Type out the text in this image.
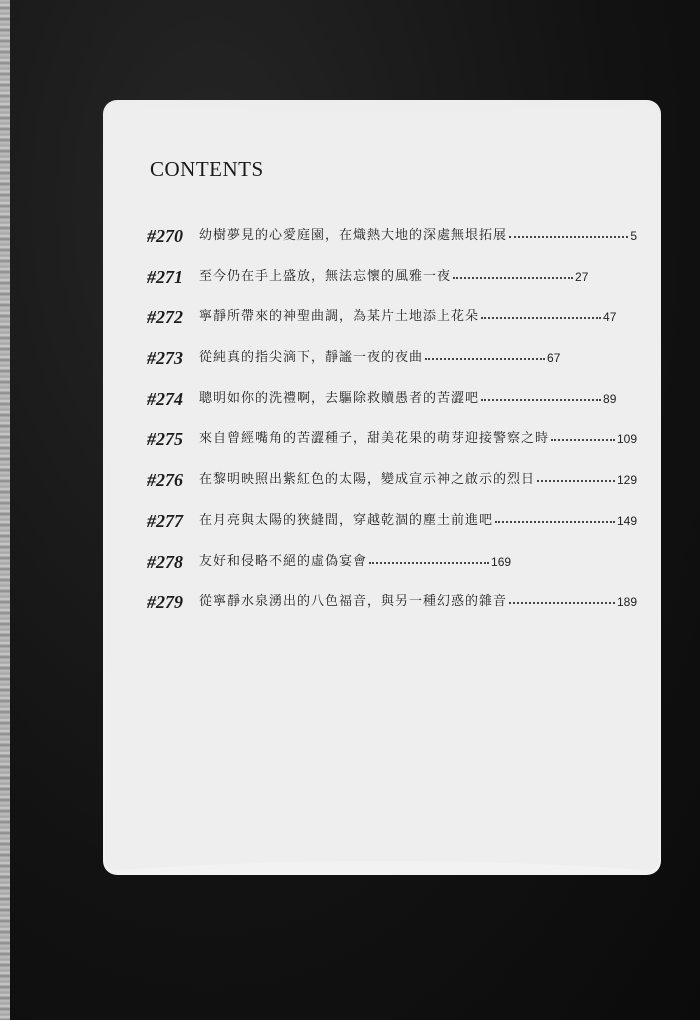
CONTENTS
#270	幼樹夢見的心愛庭園，在熾熱大地的深處無垠拓展	5
#271	至今仍在手上盛放，無法忘懷的風雅一夜	27
#272	寧靜所帶來的神聖曲調，為某片土地添上花朵	47
#273	從純真的指尖滴下，靜謐一夜的夜曲	67
#274	聰明如你的洗禮啊，去驅除救贖愚者的苦澀吧	89
#275	來自曾經嘴角的苦澀種子，甜美花果的萌芽迎接警察之時	109
#276	在黎明映照出紫紅色的太陽，變成宣示神之啟示的烈日	129
#277	在月亮與太陽的狹縫間，穿越乾涸的塵土前進吧	149
#278	友好和侵略不絕的虛偽宴會	169
#279	從寧靜水泉湧出的八色福音，與另一種幻惑的雜音	189
